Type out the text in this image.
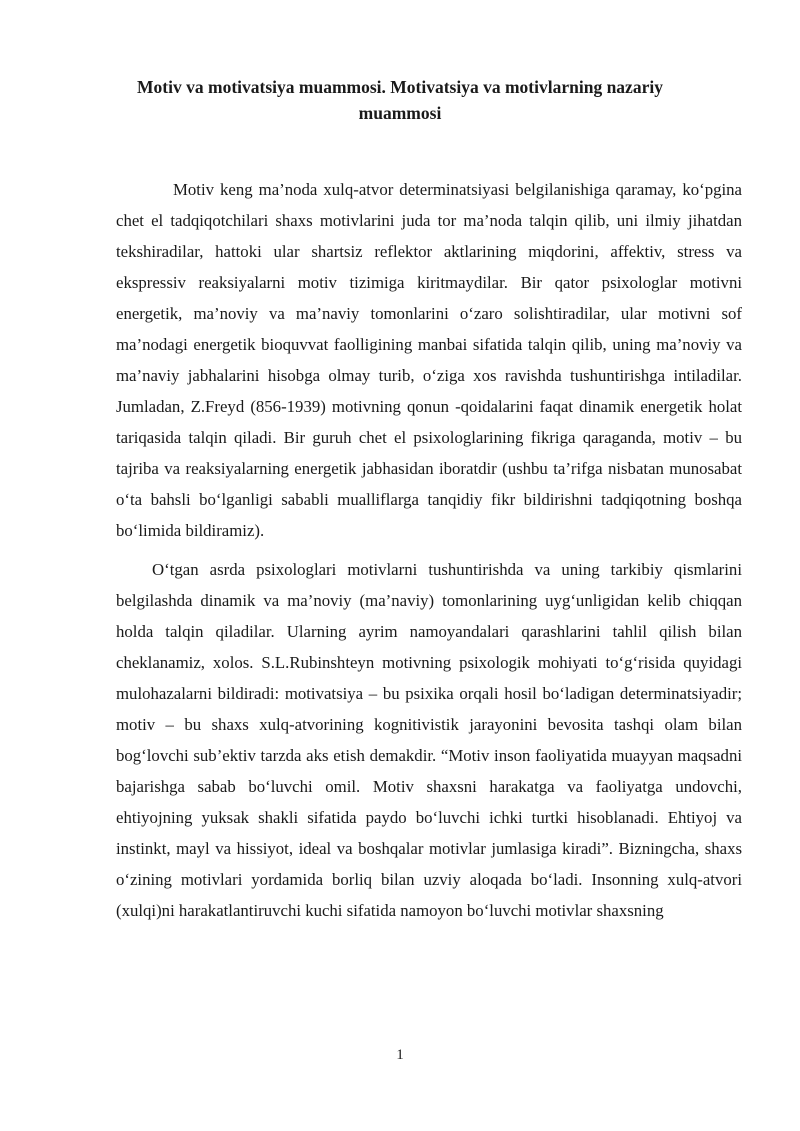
Motiv va motivatsiya muammosi. Motivatsiya va motivlarning nazariy muammosi

Motiv keng ma’noda xulq-atvor determinatsiyasi belgilanishiga qaramay, ko‘pgina chet el tadqiqotchilari shaxs motivlarini juda tor ma’noda talqin qilib, uni ilmiy jihatdan tekshiradilar, hattoki ular shartsiz reflektor aktlarining miqdorini, affektiv, stress va ekspressiv reaksiyalarni motiv tizimiga kiritmaydilar. Bir qator psixologlar motivni energetik, ma’noviy va ma’naviy tomonlarini o‘zaro solishtiradilar, ular motivni sof ma’nodagi energetik bioquvvat faolligining manbai sifatida talqin qilib, uning ma’noviy va ma’naviy jabhalarini hisobga olmay turib, o‘ziga xos ravishda tushuntirishga intiladilar. Jumladan, Z.Freyd (856-1939) motivning qonun -qoidalarini faqat dinamik energetik holat tariqasida talqin qiladi. Bir guruh chet el psixologlarining fikriga qaraganda, motiv – bu tajriba va reaksiyalarning energetik jabhasidan iboratdir (ushbu ta’rifga nisbatan munosabat o‘ta bahsli bo‘lganligi sababli mualliflarga tanqidiy fikr bildirishni tadqiqotning boshqa bo‘limida bildiramiz).

O‘tgan asrda psixologlari motivlarni tushuntirishda va uning tarkibiy qismlarini belgilashda dinamik va ma’noviy (ma’naviy) tomonlarining uyg‘unligidan kelib chiqqan holda talqin qiladilar. Ularning ayrim namoyandalari qarashlarini tahlil qilish bilan cheklanamiz, xolos. S.L.Rubinshteyn motivning psixologik mohiyati to‘g‘risida quyidagi mulohazalarni bildiradi: motivatsiya – bu psixika orqali hosil bo‘ladigan determinatsiyadir; motiv – bu shaxs xulq-atvorining kognitivistik jarayonini bevosita tashqi olam bilan bog‘lovchi sub’ektiv tarzda aks etish demakdir. “Motiv inson faoliyatida muayyan maqsadni bajarishga sabab bo‘luvchi omil. Motiv shaxsni harakatga va faoliyatga undovchi, ehtiyojning yuksak shakli sifatida paydo bo‘luvchi ichki turtki hisoblanadi. Ehtiyoj va instinkt, mayl va hissiyot, ideal va boshqalar motivlar jumlasiga kiradi”. Bizningcha, shaxs o‘zining motivlari yordamida borliq bilan uzviy aloqada bo‘ladi. Insonning xulq-atvori (xulqi)ni harakatlantiruvchi kuchi sifatida namoyon bo‘luvchi motivlar shaxsning

1
